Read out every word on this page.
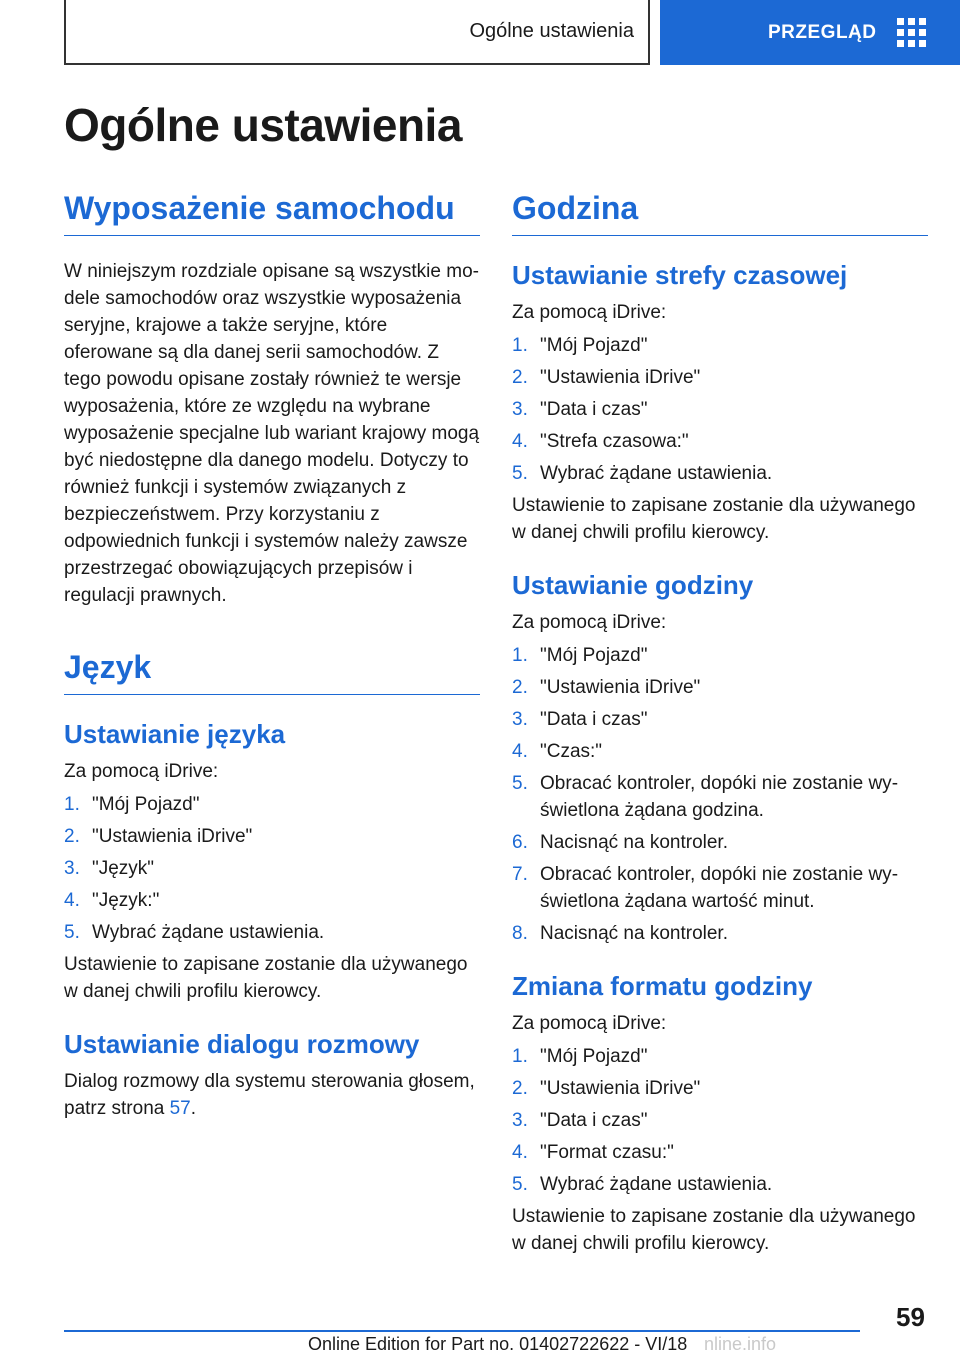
Ogólne ustawienia	PRZEGLĄD
Ogólne ustawienia
Wyposażenie samochodu

W niniejszym rozdziale opisane są wszystkie modele samochodów oraz wszystkie wyposażenia seryjne, krajowe a także seryjne, które oferowane są dla danej serii samochodów. Z tego powodu opisane zostały również te wersje wyposażenia, które ze względu na wybrane wyposażenie specjalne lub wariant krajowy mogą być niedostępne dla danego modelu. Dotyczy to również funkcji i systemów związanych z bezpieczeństwem. Przy korzystaniu z odpowiednich funkcji i systemów należy zawsze przestrzegać obowiązujących przepisów i regulacji prawnych.

Język
Ustawianie języka

Za pomocą iDrive:

1. "Mój Pojazd"
2. "Ustawienia iDrive"
3. "Język"
4. "Język:"
5. Wybrać żądane ustawienia.

Ustawienie to zapisane zostanie dla używanego w danej chwili profilu kierowcy.

Ustawianie dialogu rozmowy

Dialog rozmowy dla systemu sterowania głosem, patrz strona 57.

Godzina
Ustawianie strefy czasowej

Za pomocą iDrive:

1. "Mój Pojazd"
2. "Ustawienia iDrive"
3. "Data i czas"
4. "Strefa czasowa:"
5. Wybrać żądane ustawienia.

Ustawienie to zapisane zostanie dla używanego w danej chwili profilu kierowcy.

Ustawianie godziny

Za pomocą iDrive:

1. "Mój Pojazd"
2. "Ustawienia iDrive"
3. "Data i czas"
4. "Czas:"
5. Obracać kontroler, dopóki nie zostanie wyświetlona żądana godzina.
6. Nacisnąć na kontroler.
7. Obracać kontroler, dopóki nie zostanie wyświetlona żądana wartość minut.
8. Nacisnąć na kontroler.
Zmiana formatu godziny

Za pomocą iDrive:

1. "Mój Pojazd"
2. "Ustawienia iDrive"
3. "Data i czas"
4. "Format czasu:"
5. Wybrać żądane ustawienia.

Ustawienie to zapisane zostanie dla używanego w danej chwili profilu kierowcy.

59
Online Edition for Part no. 01402722622 - VI/18 nline.info
